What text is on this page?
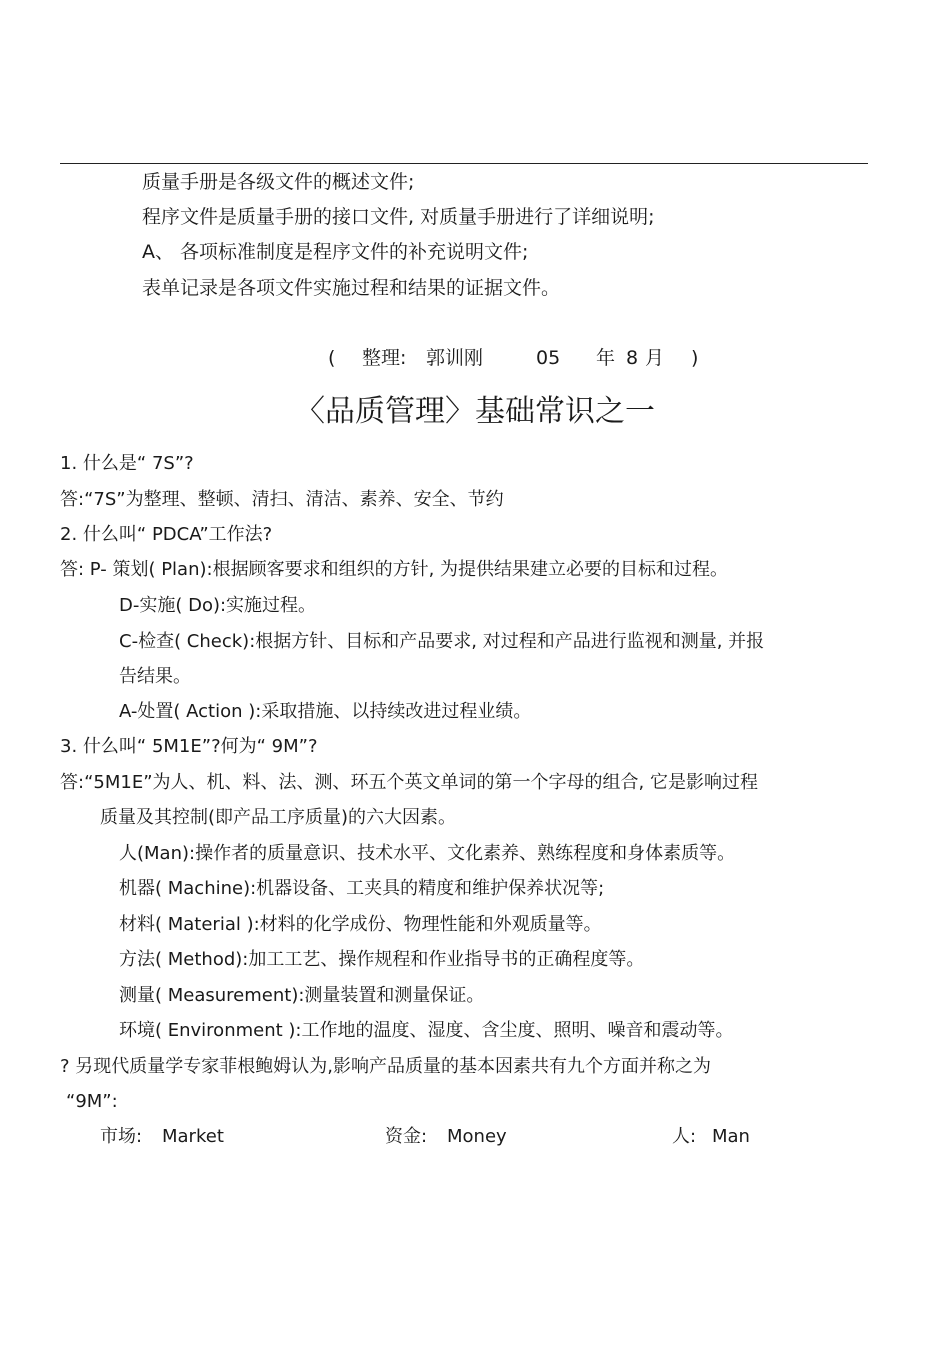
质量手册是各级文件的概述文件;
程序文件是质量手册的接口文件, 对质量手册进行了详细说明;
A、 各项标准制度是程序文件的补充说明文件;
表单记录是各项文件实施过程和结果的证据文件。
( 整理: 郭训刚	05 年 8 月 )
〈品质管理〉基础常识之一
1. 什么是“ 7S”?
答:“7S”为整理、整顿、清扫、清洁、素养、安全、节约
2. 什么叫“ PDCA”工作法?
答: P- 策划( Plan):根据顾客要求和组织的方针, 为提供结果建立必要的目标和过程。
D-实施( Do):实施过程。
C-检查( Check):根据方针、目标和产品要求, 对过程和产品进行监视和测量, 并报
告结果。
A-处置( Action ):采取措施、以持续改进过程业绩。
3. 什么叫“ 5M1E”?何为“ 9M”?
答:“5M1E”为人、机、料、法、测、环五个英文单词的第一个字母的组合, 它是影响过程
质量及其控制(即产品工序质量)的六大因素。
人(Man):操作者的质量意识、技术水平、文化素养、熟练程度和身体素质等。
机器( Machine):机器设备、工夹具的精度和维护保养状况等;
材料( Material ):材料的化学成份、物理性能和外观质量等。
方法( Method):加工工艺、操作规程和作业指导书的正确程度等。
测量( Measurement):测量装置和测量保证。
环境( Environment ):工作地的温度、湿度、含尘度、照明、噪音和震动等。
? 另现代质量学专家菲根鲍姆认为,影响产品质量的基本因素共有九个方面并称之为
“9M”:
市场: Market	资金: Money	人: Man
